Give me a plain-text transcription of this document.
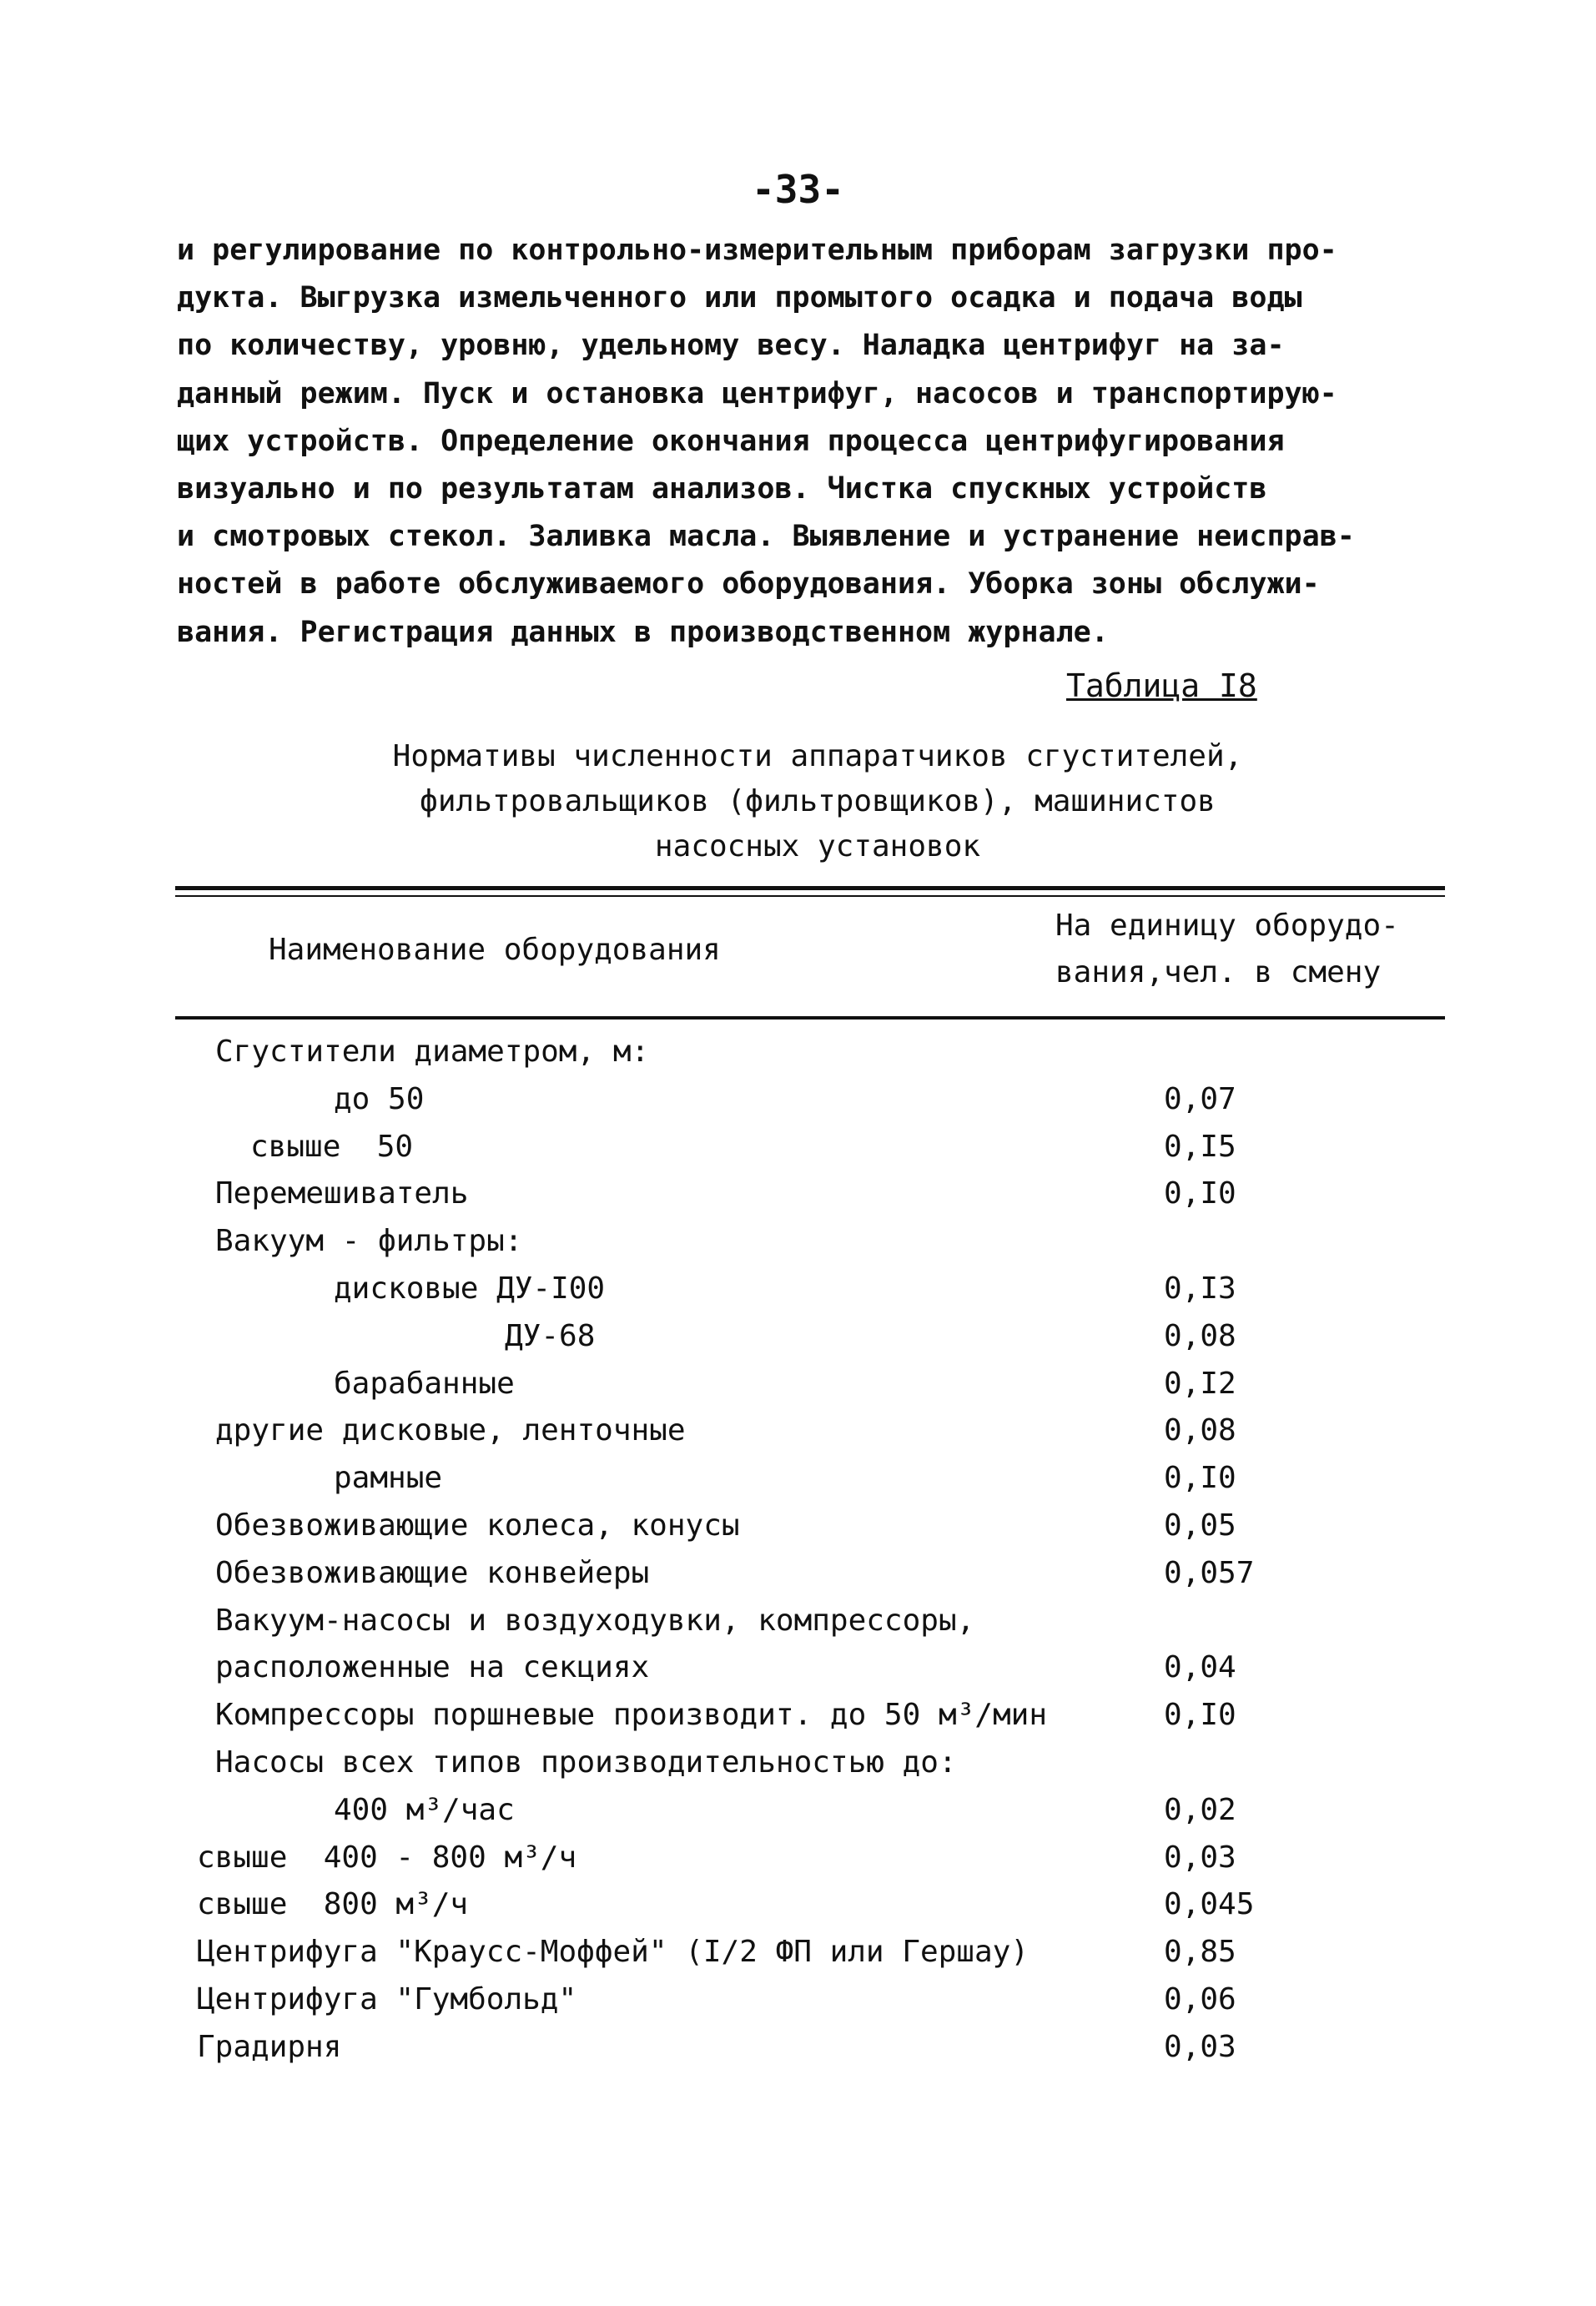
-33-
и регулирование по контрольно-измерительным приборам загрузки про-
дукта. Выгрузка измельченного или промытого осадка и подача воды
по количеству, уровню, удельному весу. Наладка центрифуг на за-
данный режим. Пуск и остановка центрифуг, насосов и транспортирую-
щих устройств. Определение окончания процесса центрифугирования
визуально и по результатам анализов. Чистка спускных устройств
и смотровых стекол. Заливка масла. Выявление и устранение неиспрaв-
ностей в работе обслуживаемого оборудования. Уборка зоны обслужи-
вания. Регистрация данных в производственном журнале.
Таблица I8
Нормативы численности аппаратчиков сгустителей,
фильтровальщиков (фильтровщиков), машинистов
насосных установок
Наименование оборудования
На единицу оборудо-
вания,чел. в смену
Сгустители диаметром, м:
до 50	0,07
свыше  50	0,I5
Перемешиватель	0,I0
Вакуум - фильтры:
дисковые ДУ-I00	0,I3
ДУ-68	0,08
барабанные	0,I2
другие дисковые, ленточные	0,08
рамные	0,I0
Обезвоживающие колеса, конусы	0,05
Обезвоживающие конвейеры	0,057
Вакуум-насосы и воздуходувки, компрессоры,
расположенные на секциях	0,04
Компрессоры поршневые производит. до 50 м³/мин	0,I0
Насосы всех типов производительностью до:
400 м³/час	0,02
свыше  400 - 800 м³/ч	0,03
свыше  800 м³/ч	0,045
Центрифуга "Краусс-Моффей" (I/2 ФП или Гершау)	0,85
Центрифуга "Гумбольд"	0,06
Градирня	0,03
